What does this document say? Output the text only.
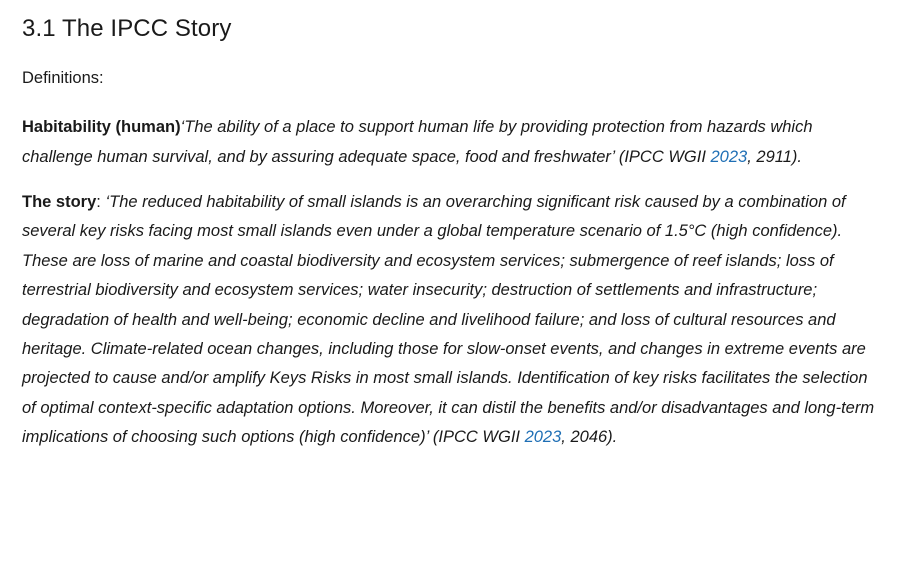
3.1 The IPCC Story

Definitions:

Habitability (human)‘The ability of a place to support human life by providing protection from hazards which challenge human survival, and by assuring adequate space, food and freshwater’ (IPCC WGII 2023, 2911).

The story: ‘The reduced habitability of small islands is an overarching significant risk caused by a combination of several key risks facing most small islands even under a global temperature scenario of 1.5°C (high confidence). These are loss of marine and coastal biodiversity and ecosystem services; submergence of reef islands; loss of terrestrial biodiversity and ecosystem services; water insecurity; destruction of settlements and infrastructure; degradation of health and well-being; economic decline and livelihood failure; and loss of cultural resources and heritage. Climate-related ocean changes, including those for slow-onset events, and changes in extreme events are projected to cause and/or amplify Keys Risks in most small islands. Identification of key risks facilitates the selection of optimal context-specific adaptation options. Moreover, it can distil the benefits and/or disadvantages and long-term implications of choosing such options (high confidence)’ (IPCC WGII 2023, 2046).
